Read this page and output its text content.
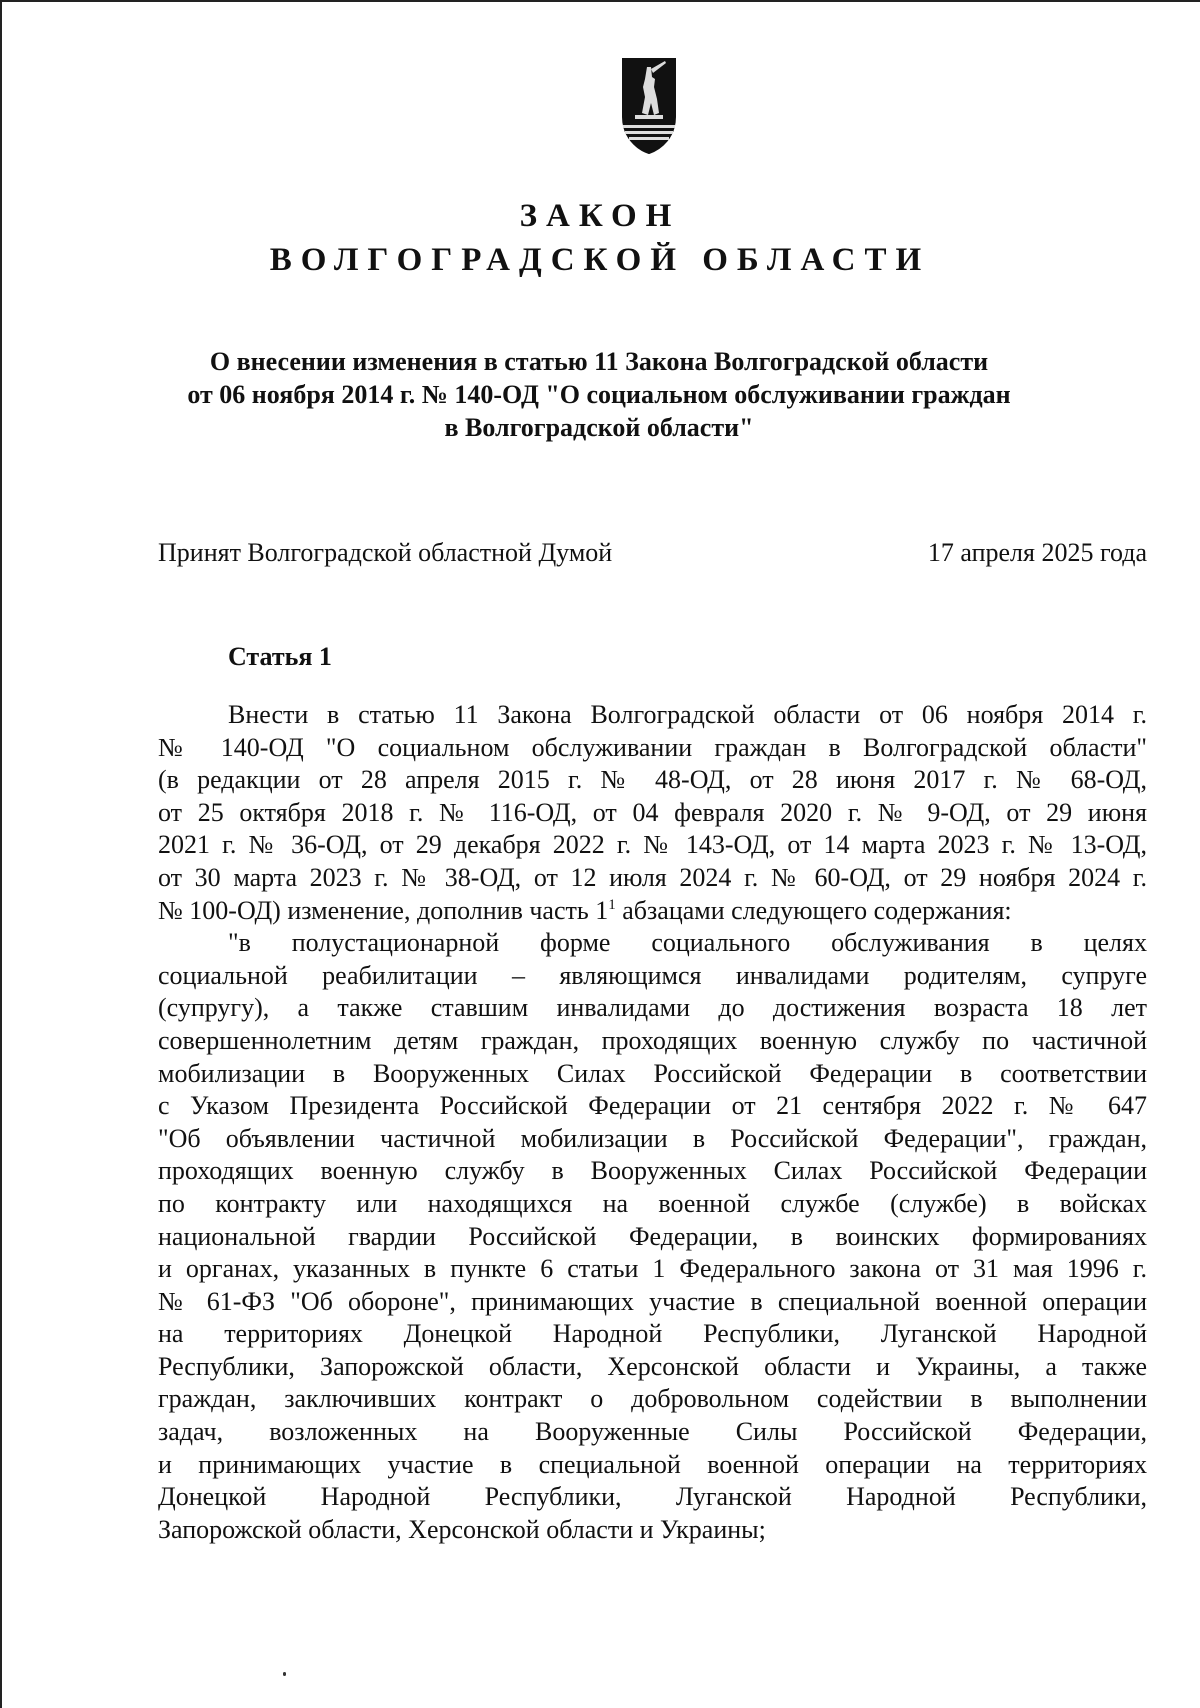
ЗАКОН
ВОЛГОГРАДСКОЙ ОБЛАСТИ
О внесении изменения в статью 11 Закона Волгоградской области
от 06 ноября 2014 г. № 140-ОД "О социальном обслуживании граждан
в Волгоградской области"
Принят Волгоградской областной Думой	17 апреля 2025 года
Статья 1
Внести в статью 11 Закона Волгоградской области от 06 ноября 2014 г.
№ 140-ОД "О социальном обслуживании граждан в Волгоградской области"
(в редакции от 28 апреля 2015 г. № 48-ОД, от 28 июня 2017 г. № 68-ОД,
от 25 октября 2018 г. № 116-ОД, от 04 февраля 2020 г. № 9-ОД, от 29 июня
2021 г. № 36-ОД, от 29 декабря 2022 г. № 143-ОД, от 14 марта 2023 г. № 13-ОД,
от 30 марта 2023 г. № 38-ОД, от 12 июля 2024 г. № 60-ОД, от 29 ноября 2024 г.
№ 100-ОД) изменение, дополнив часть $1^1$ абзацами следующего содержания:
"в полустационарной форме социального обслуживания в целях
социальной реабилитации – являющимся инвалидами родителям, супруге
(супругу), а также ставшим инвалидами до достижения возраста 18 лет
совершеннолетним детям граждан, проходящих военную службу по частичной
мобилизации в Вооруженных Силах Российской Федерации в соответствии
с Указом Президента Российской Федерации от 21 сентября 2022 г. № 647
"Об объявлении частичной мобилизации в Российской Федерации", граждан,
проходящих военную службу в Вооруженных Силах Российской Федерации
по контракту или находящихся на военной службе (службе) в войсках
национальной гвардии Российской Федерации, в воинских формированиях
и органах, указанных в пункте 6 статьи 1 Федерального закона от 31 мая 1996 г.
№ 61-ФЗ "Об обороне", принимающих участие в специальной военной операции
на территориях Донецкой Народной Республики, Луганской Народной
Республики, Запорожской области, Херсонской области и Украины, а также
граждан, заключивших контракт о добровольном содействии в выполнении
задач, возложенных на Вооруженные Силы Российской Федерации,
и принимающих участие в специальной военной операции на территориях
Донецкой Народной Республики, Луганской Народной Республики,
Запорожской области, Херсонской области и Украины;
